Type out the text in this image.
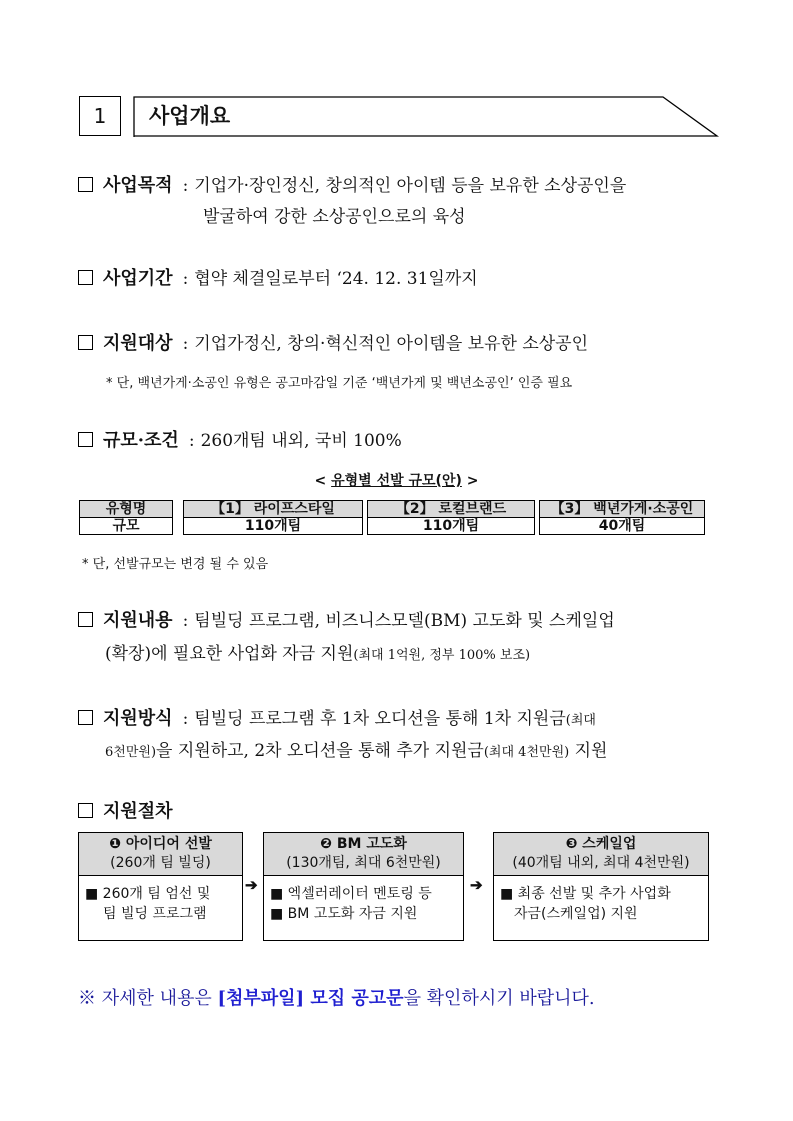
1	사업개요
사업목적 : 기업가·장인정신, 창의적인 아이템 등을 보유한 소상공인을
발굴하여 강한 소상공인으로의 육성
사업기간 : 협약 체결일로부터 ‘24. 12. 31일까지
지원대상 : 기업가정신, 창의·혁신적인 아이템을 보유한 소상공인
* 단, 백년가게·소공인 유형은 공고마감일 기준 ‘백년가게 및 백년소공인’ 인증 필요
규모·조건 : 260개팀 내외, 국비 100%
< 유형별 선발 규모(안) >
유형명		【1】 라이프스타일		【2】 로컬브랜드		【3】 백년가게·소공인
규모		110개팀		110개팀		40개팀
* 단, 선발규모는 변경 될 수 있음
지원내용 : 팀빌딩 프로그램, 비즈니스모델(BM) 고도화 및 스케일업
(확장)에 필요한 사업화 자금 지원(최대 1억원, 정부 100% 보조)
지원방식 : 팀빌딩 프로그램 후 1차 오디션을 통해 1차 지원금(최대
6천만원)을 지원하고, 2차 오디션을 통해 추가 지원금(최대 4천만원) 지원
지원절차
❶ 아이디어 선발
(260개 팀 빌딩)
■ 260개 팀 엄선 및
팀 빌딩 프로그램
➔
❷ BM 고도화
(130개팀, 최대 6천만원)
■ 엑셀러레이터 멘토링 등
■ BM 고도화 자금 지원
➔
❸ 스케일업
(40개팀 내외, 최대 4천만원)
■ 최종 선발 및 추가 사업화
자금(스케일업) 지원
※ 자세한 내용은 [첨부파일] 모집 공고문을 확인하시기 바랍니다.
